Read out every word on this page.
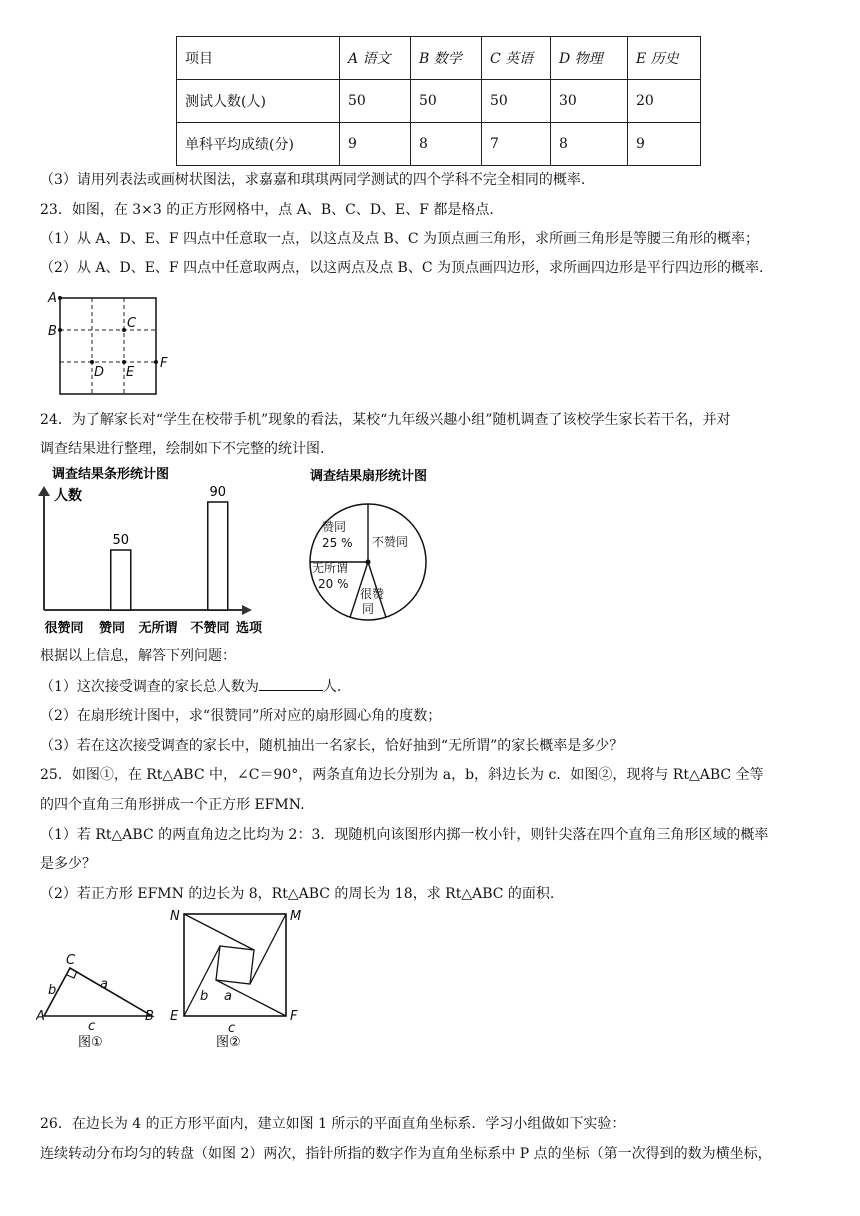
项目	A 语文	B 数学	C 英语	D 物理	E 历史
测试人数(人)	50	50	50	30	20
单科平均成绩(分)	9	8	7	8	9
（3）请用列表法或画树状图法，求嘉嘉和琪琪两同学测试的四个学科不完全相同的概率.
23．如图，在 3×3 的正方形网格中，点 A、B、C、D、E、F 都是格点.
（1）从 A、D、E、F 四点中任意取一点，以这点及点 B、C 为顶点画三角形，求所画三角形是等腰三角形的概率；
（2）从 A、D、E、F 四点中任意取两点，以这两点及点 B、C 为顶点画四边形，求所画四边形是平行四边形的概率.
A
B
C
D E
F
24．为了解家长对“学生在校带手机”现象的看法，某校“九年级兴趣小组”随机调查了该校学生家长若干名，并对
调查结果进行整理，绘制如下不完整的统计图.
调查结果条形统计图
人数
选项
很赞同
50
赞同 无所谓
90
不赞同
调查结果扇形统计图
赞同
25 % 不赞同
无所谓
20 %
很赞同
根据以上信息，解答下列问题：
（1）这次接受调查的家长总人数为	人.
（2）在扇形统计图中，求“很赞同”所对应的扇形圆心角的度数；
（3）若在这次接受调查的家长中，随机抽出一名家长，恰好抽到“无所谓”的家长概率是多少？
25．如图①，在 Rt△ABC 中，∠C＝90°，两条直角边长分别为 a，b，斜边长为 c．如图②，现将与 Rt△ABC 全等
的四个直角三角形拼成一个正方形 EFMN.
（1）若 Rt△ABC 的两直角边之比均为 2：3．现随机向该图形内掷一枚小针，则针尖落在四个直角三角形区域的概率
是多少？
（2）若正方形 EFMN 的边长为 8，Rt△ABC 的周长为 18，求 Rt△ABC 的面积.
A
C
B
a
b
c
图①
N	M
E	F
b a
c
图②
26．在边长为 4 的正方形平面内，建立如图 1 所示的平面直角坐标系．学习小组做如下实验：
连续转动分布均匀的转盘（如图 2）两次，指针所指的数字作为直角坐标系中 P 点的坐标（第一次得到的数为横坐标，
